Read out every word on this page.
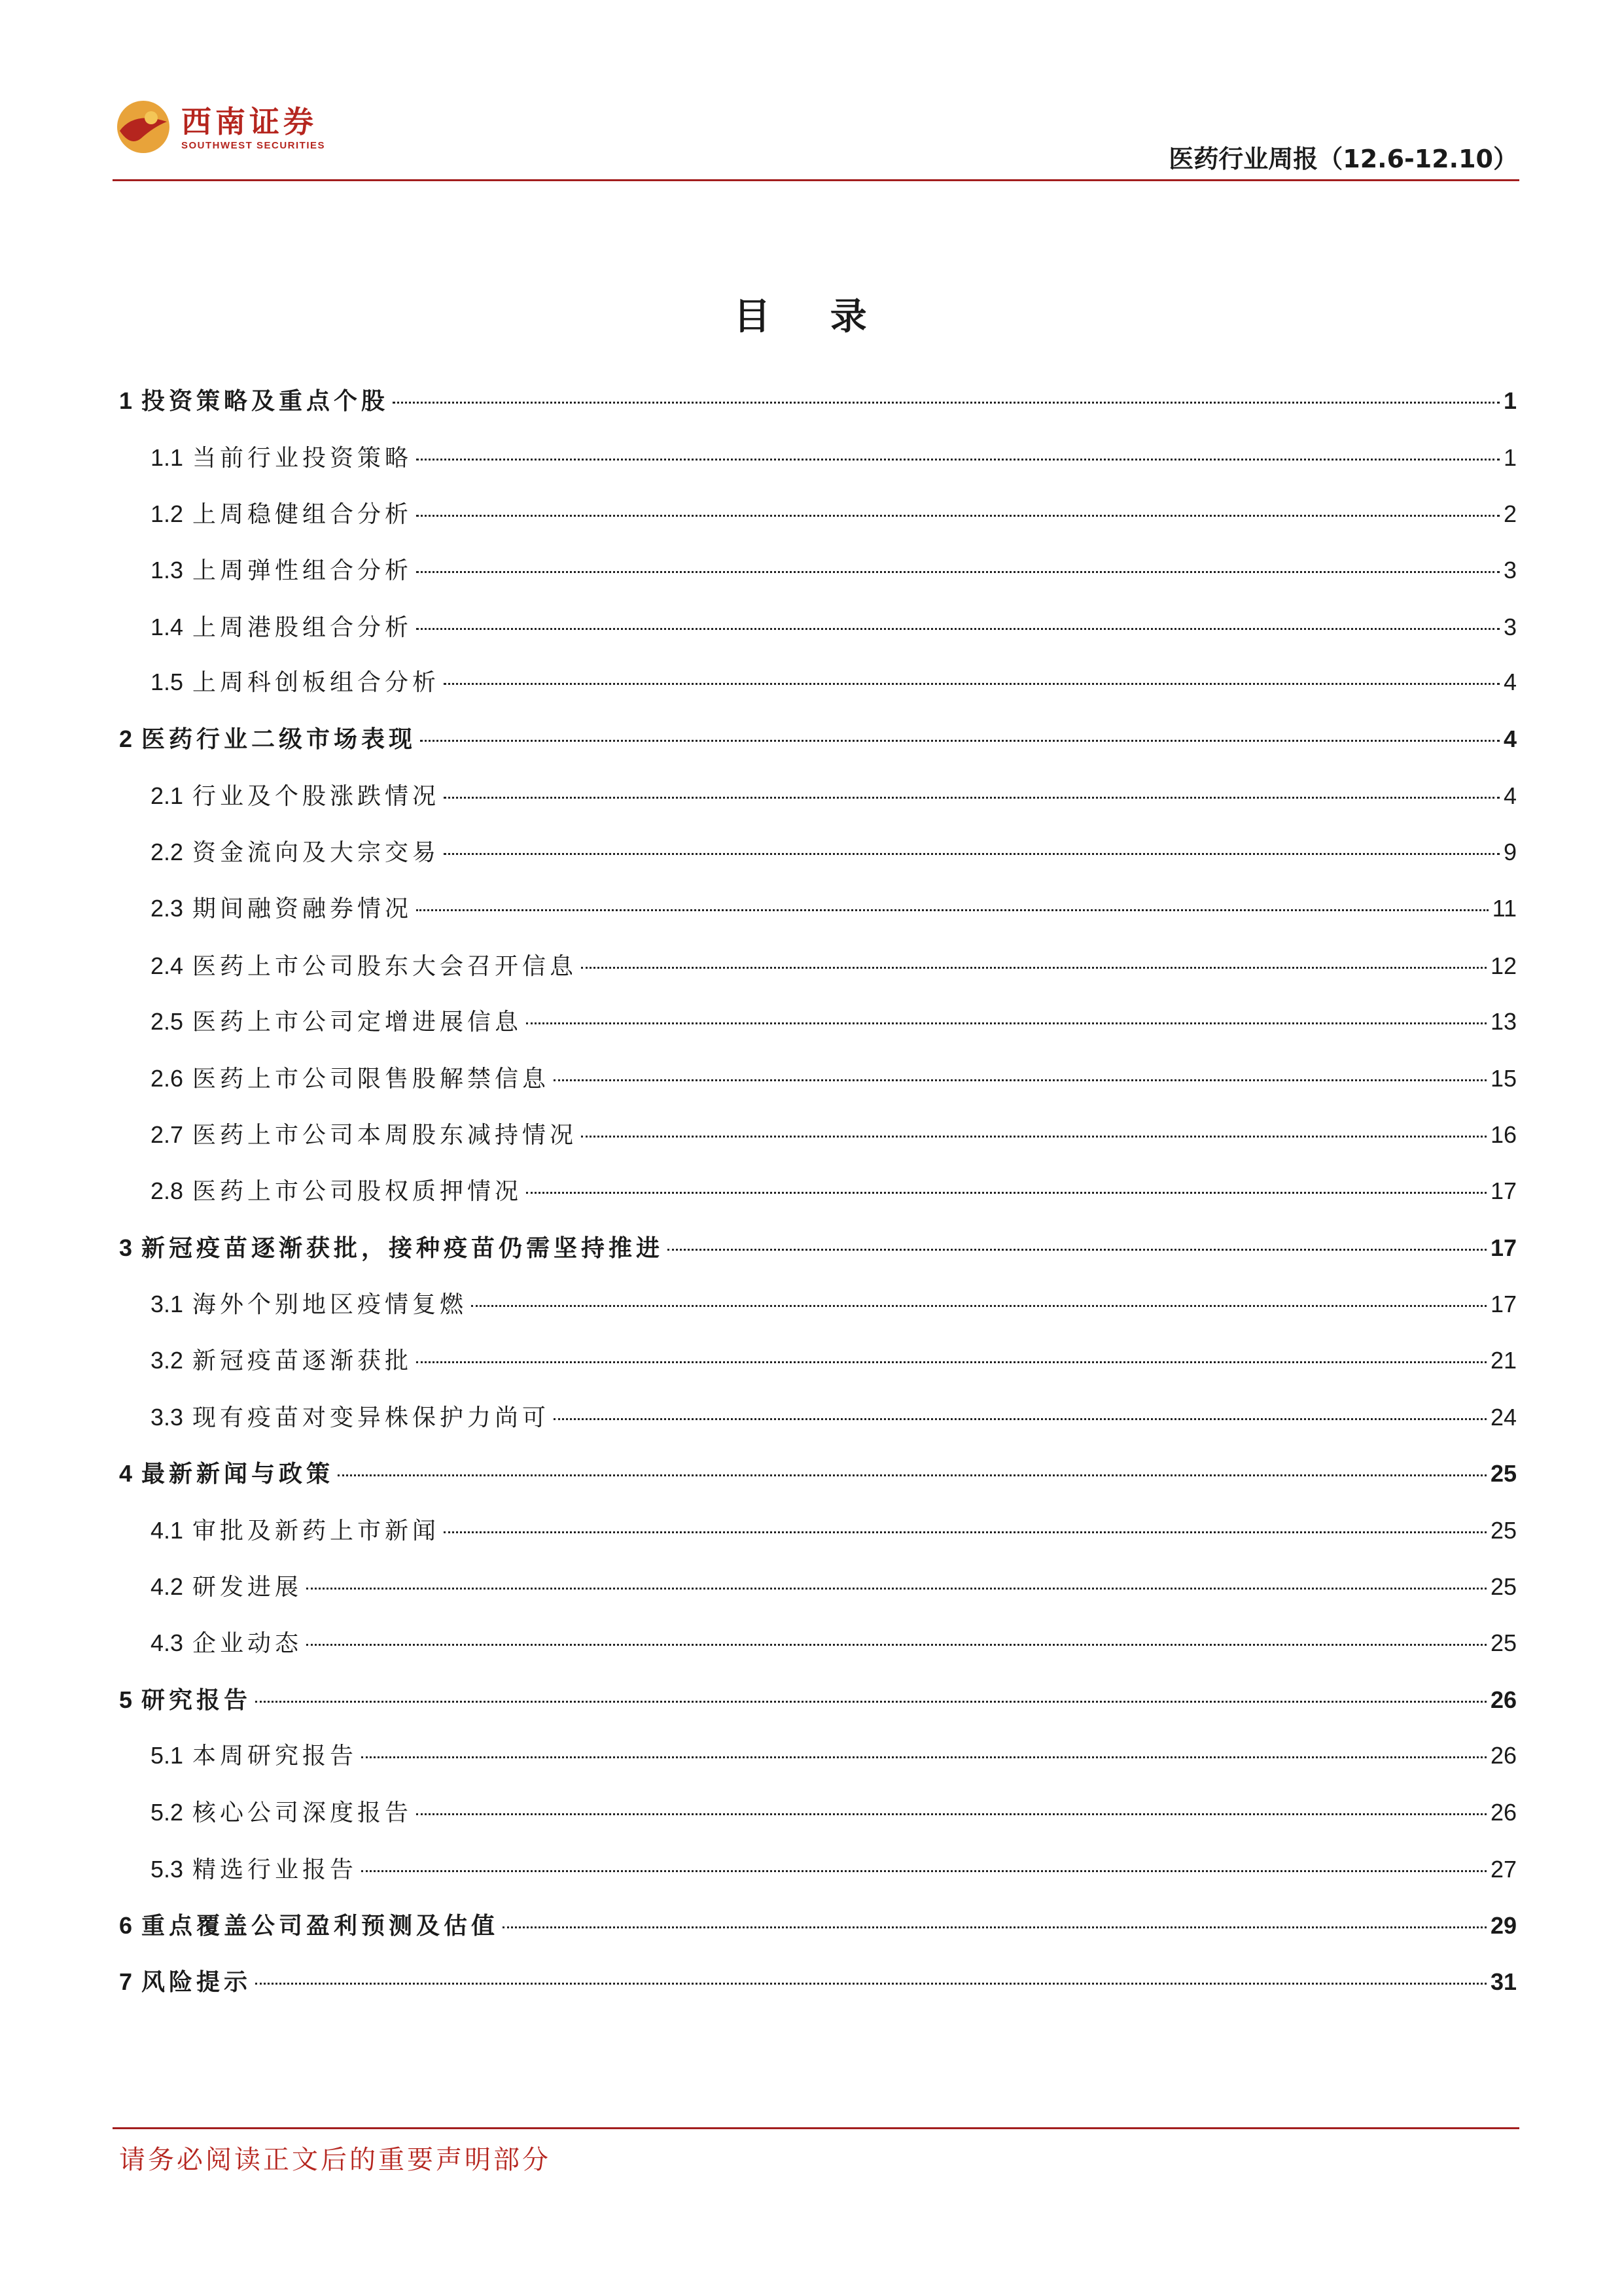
西南证券
SOUTHWEST SECURITIES	医药行业周报（12.6-12.10）
目 录
1 投资策略及重点个股	1
1.1 当前行业投资策略	1
1.2 上周稳健组合分析	2
1.3 上周弹性组合分析	3
1.4 上周港股组合分析	3
1.5 上周科创板组合分析	4
2 医药行业二级市场表现	4
2.1 行业及个股涨跌情况	4
2.2 资金流向及大宗交易	9
2.3 期间融资融券情况	11
2.4 医药上市公司股东大会召开信息	12
2.5 医药上市公司定增进展信息	13
2.6 医药上市公司限售股解禁信息	15
2.7 医药上市公司本周股东减持情况	16
2.8 医药上市公司股权质押情况	17
3 新冠疫苗逐渐获批，接种疫苗仍需坚持推进	17
3.1 海外个别地区疫情复燃	17
3.2 新冠疫苗逐渐获批	21
3.3 现有疫苗对变异株保护力尚可	24
4 最新新闻与政策	25
4.1 审批及新药上市新闻	25
4.2 研发进展	25
4.3 企业动态	25
5 研究报告	26
5.1 本周研究报告	26
5.2 核心公司深度报告	26
5.3 精选行业报告	27
6 重点覆盖公司盈利预测及估值	29
7 风险提示	31
请务必阅读正文后的重要声明部分
